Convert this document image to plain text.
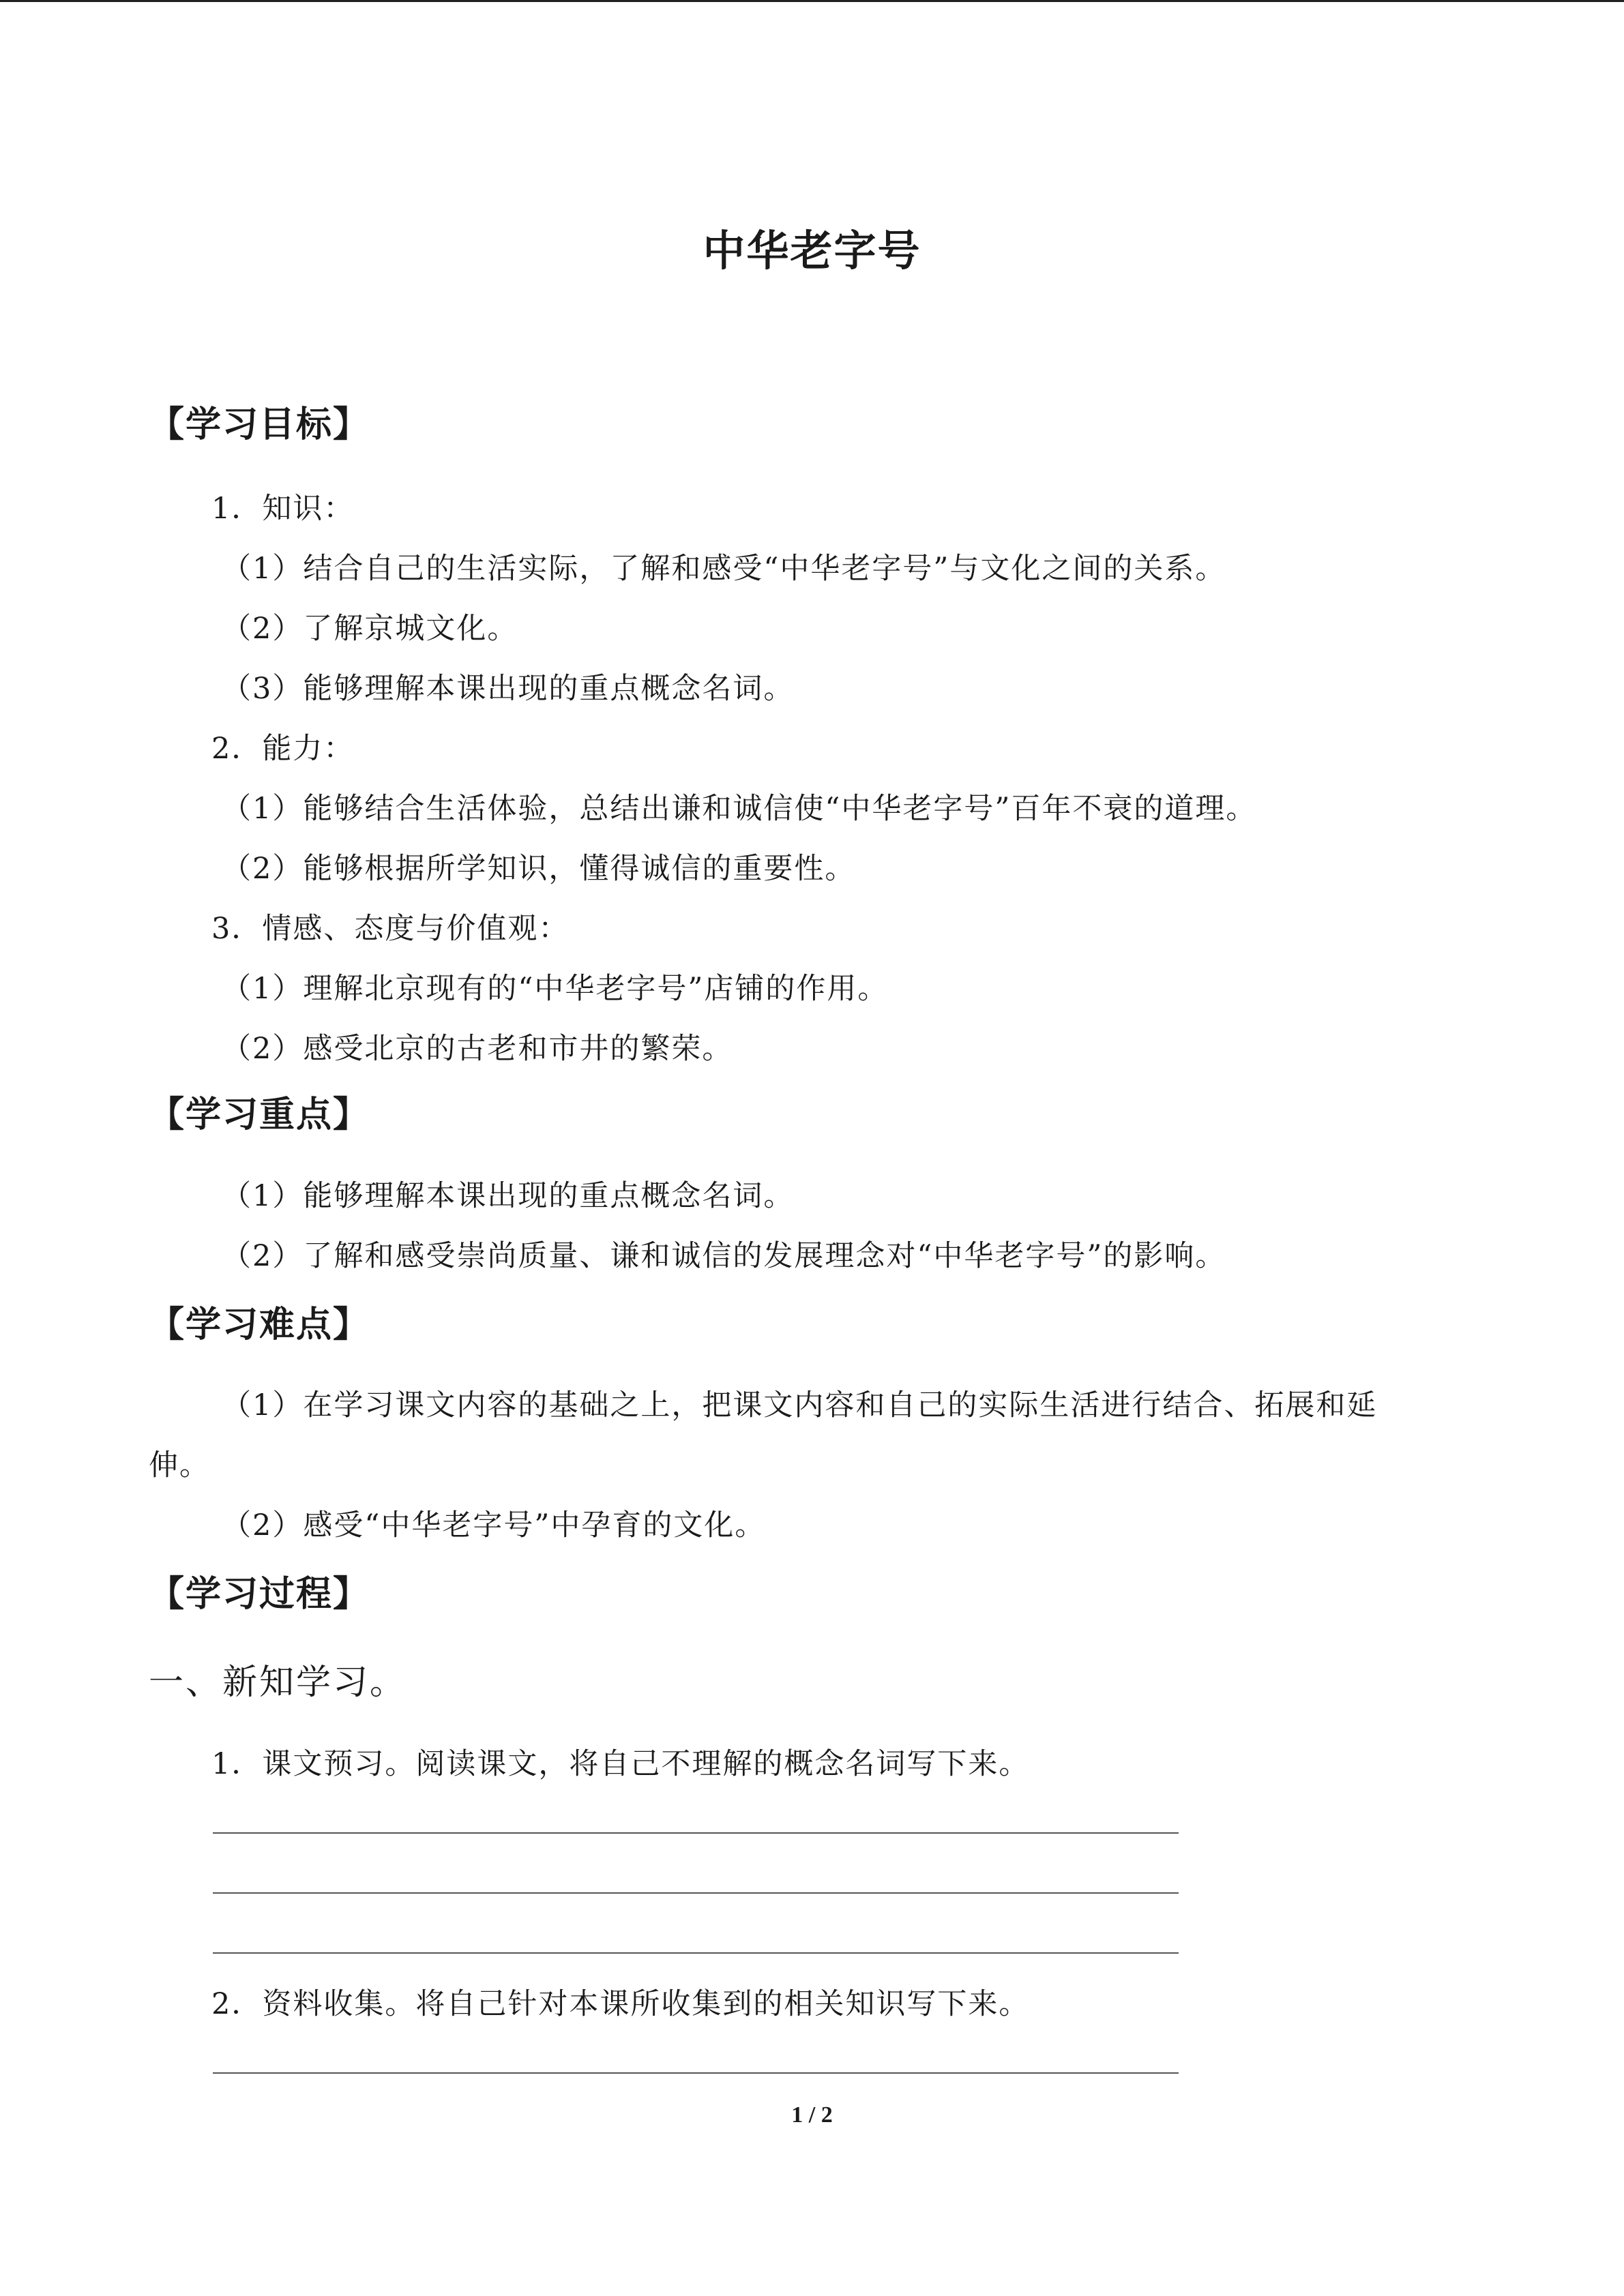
中华老字号
【学习目标】
1．知识：
（1）结合自己的生活实际，了解和感受“中华老字号”与文化之间的关系。
（2）了解京城文化。
（3）能够理解本课出现的重点概念名词。
2．能力：
（1）能够结合生活体验，总结出谦和诚信使“中华老字号”百年不衰的道理。
（2）能够根据所学知识，懂得诚信的重要性。
3．情感、态度与价值观：
（1）理解北京现有的“中华老字号”店铺的作用。
（2）感受北京的古老和市井的繁荣。
【学习重点】
（1）能够理解本课出现的重点概念名词。
（2）了解和感受崇尚质量、谦和诚信的发展理念对“中华老字号”的影响。
【学习难点】
（1）在学习课文内容的基础之上，把课文内容和自己的实际生活进行结合、拓展和延
伸。
（2）感受“中华老字号”中孕育的文化。
【学习过程】
一、新知学习。
1．课文预习。阅读课文，将自己不理解的概念名词写下来。
2．资料收集。将自己针对本课所收集到的相关知识写下来。
1 / 2
